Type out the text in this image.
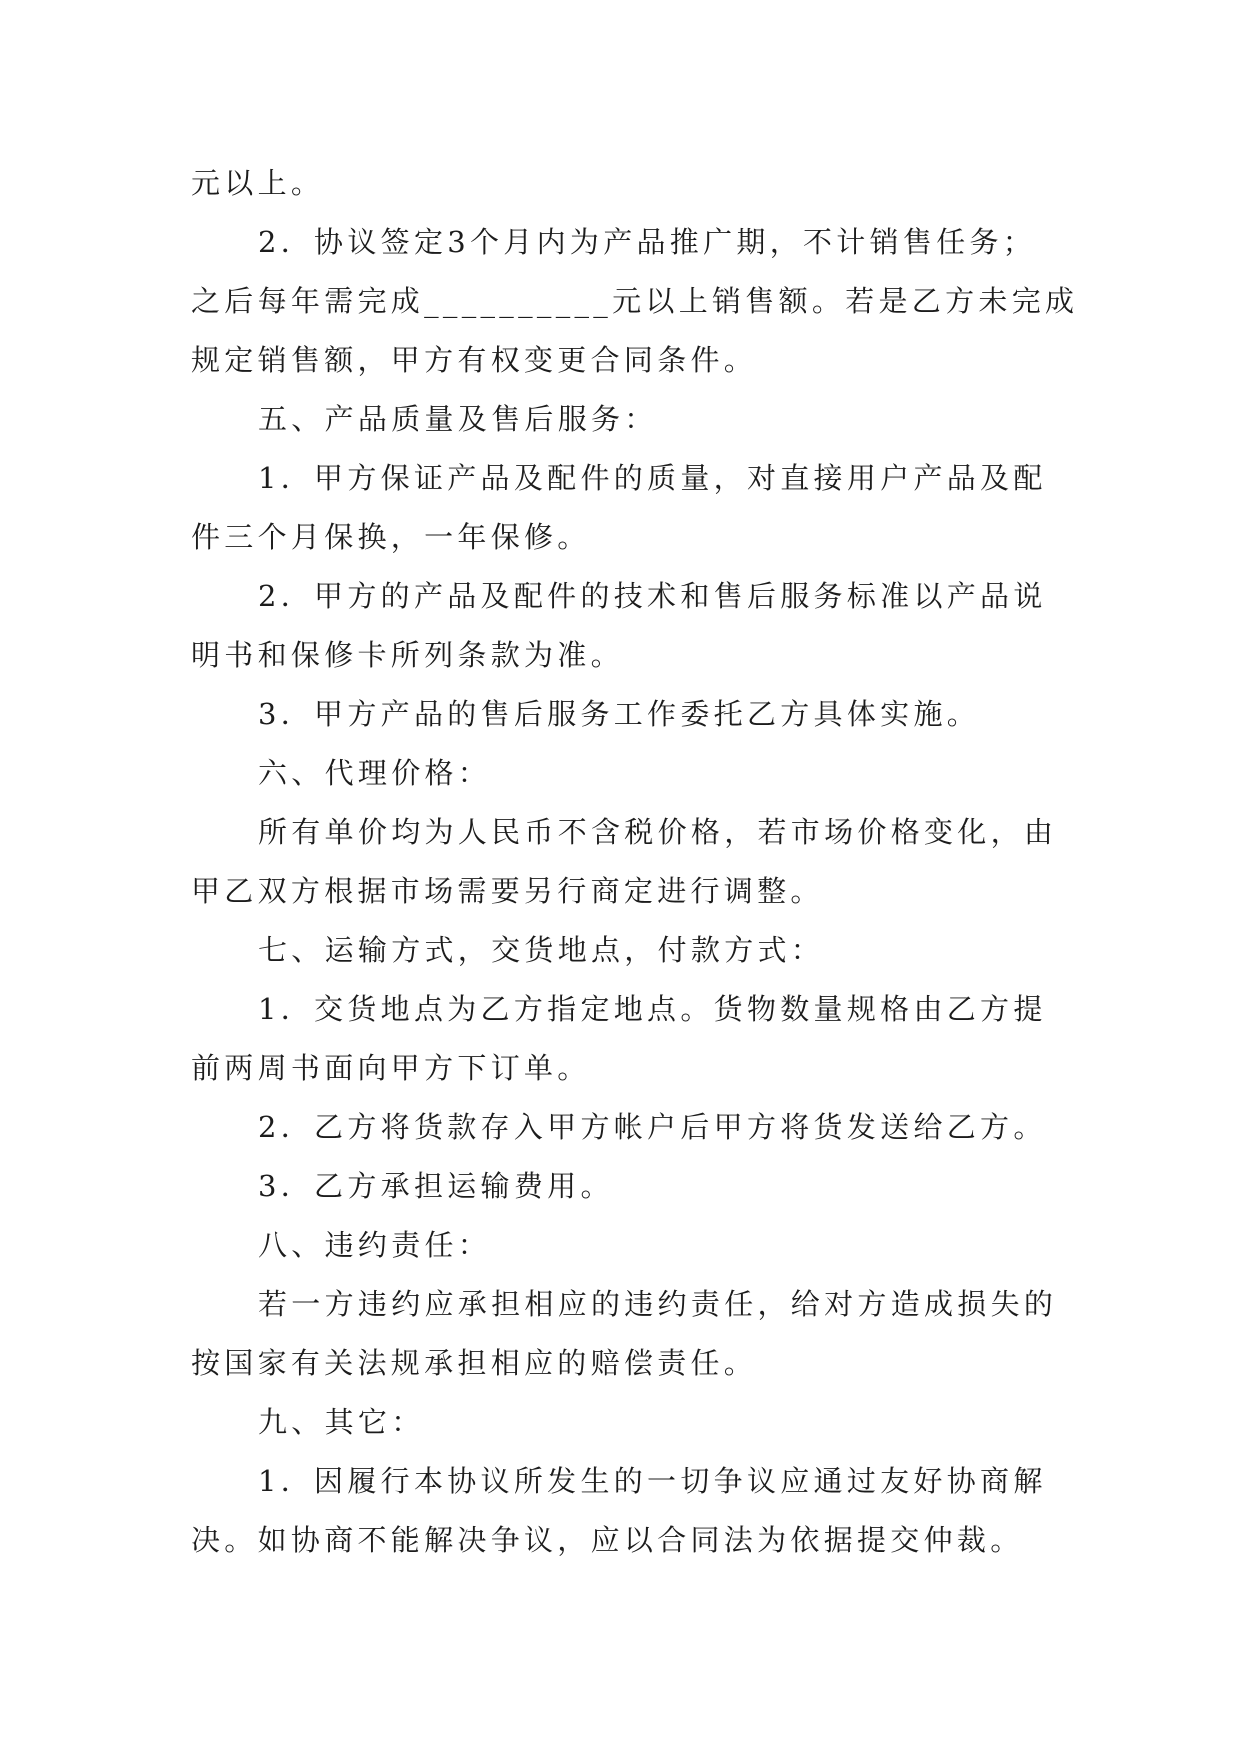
元以上。
2．协议签定3个月内为产品推广期，不计销售任务；
之后每年需完成__________元以上销售额。若是乙方未完成
规定销售额，甲方有权变更合同条件。
五、产品质量及售后服务：
1．甲方保证产品及配件的质量，对直接用户产品及配
件三个月保换，一年保修。
2．甲方的产品及配件的技术和售后服务标准以产品说
明书和保修卡所列条款为准。
3．甲方产品的售后服务工作委托乙方具体实施。
六、代理价格：
所有单价均为人民币不含税价格，若市场价格变化，由
甲乙双方根据市场需要另行商定进行调整。
七、运输方式，交货地点，付款方式：
1．交货地点为乙方指定地点。货物数量规格由乙方提
前两周书面向甲方下订单。
2．乙方将货款存入甲方帐户后甲方将货发送给乙方。
3．乙方承担运输费用。
八、违约责任：
若一方违约应承担相应的违约责任，给对方造成损失的
按国家有关法规承担相应的赔偿责任。
九、其它：
1．因履行本协议所发生的一切争议应通过友好协商解
决。如协商不能解决争议，应以合同法为依据提交仲裁。
